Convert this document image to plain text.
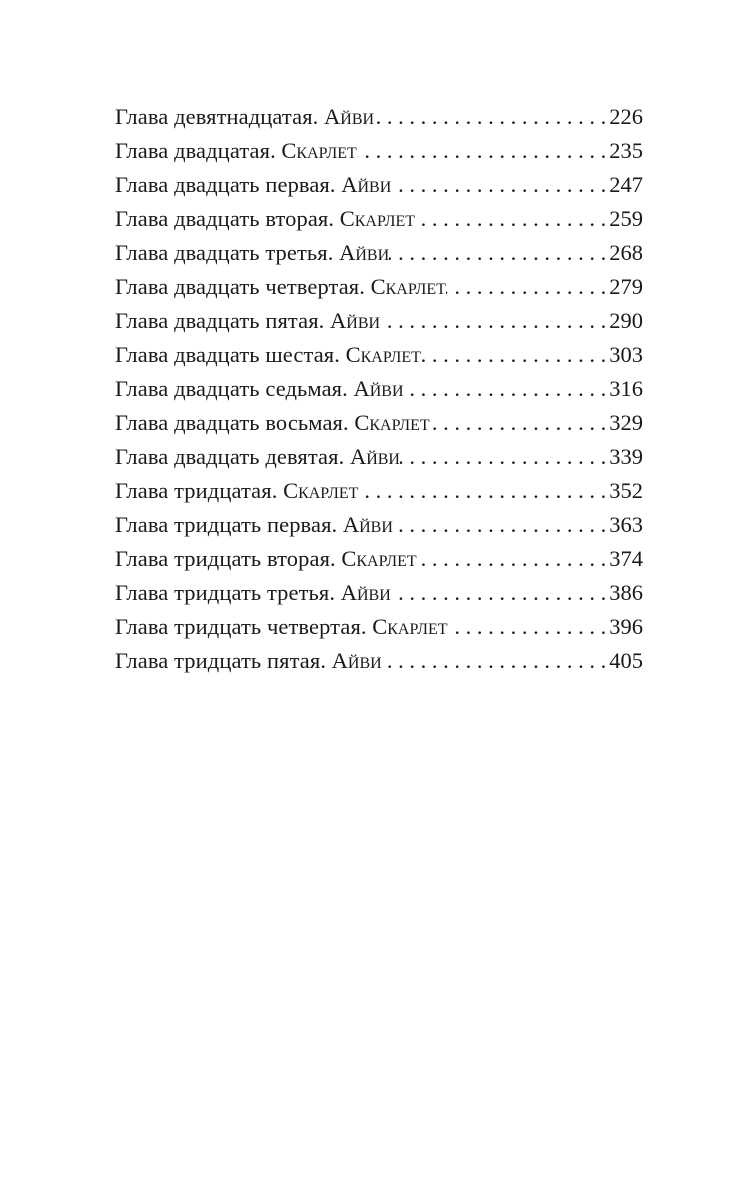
Глава девятнадцатая. Айви . . .	226
Глава двадцатая. Скарлет . . .	235
Глава двадцать первая. Айви . . .	247
Глава двадцать вторая. Скарлет . . .	259
Глава двадцать третья. Айви . . .	268
Глава двадцать четвертая. Скарлет . . .	279
Глава двадцать пятая. Айви . . .	290
Глава двадцать шестая. Скарлет . . .	303
Глава двадцать седьмая. Айви . . .	316
Глава двадцать восьмая. Скарлет . . .	329
Глава двадцать девятая. Айви . . .	339
Глава тридцатая. Скарлет . . .	352
Глава тридцать первая. Айви . . .	363
Глава тридцать вторая. Скарлет . . .	374
Глава тридцать третья. Айви . . .	386
Глава тридцать четвертая. Скарлет . . .	396
Глава тридцать пятая. Айви . . .	405
